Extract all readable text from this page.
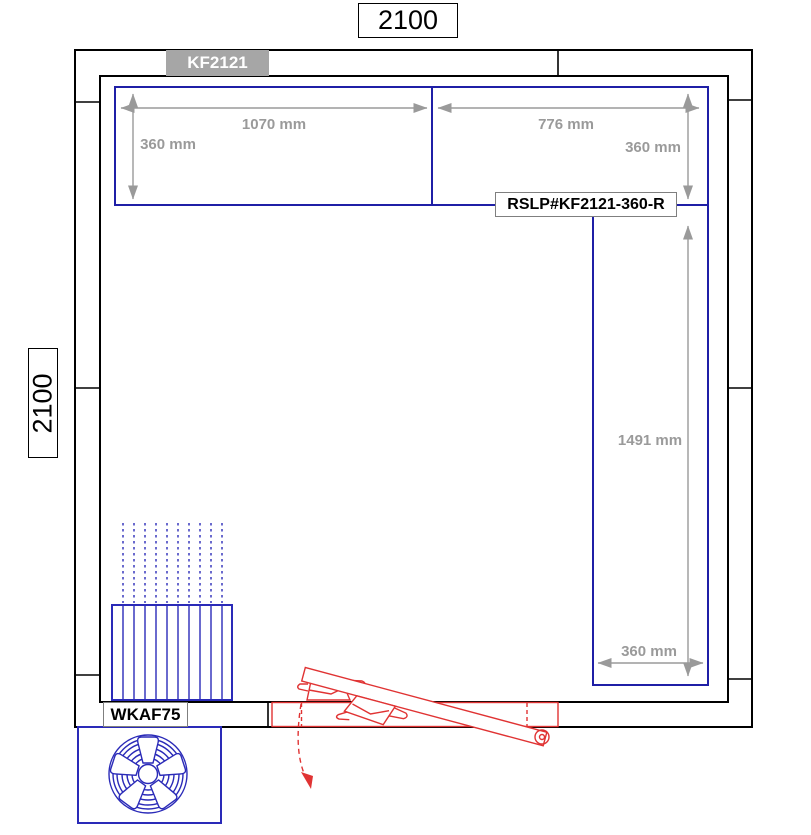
2100
2100
KF2121
RSLP#KF2121-360-R
WKAF75
1070 mm	776 mm
360 mm	360 mm
1491 mm
360 mm
